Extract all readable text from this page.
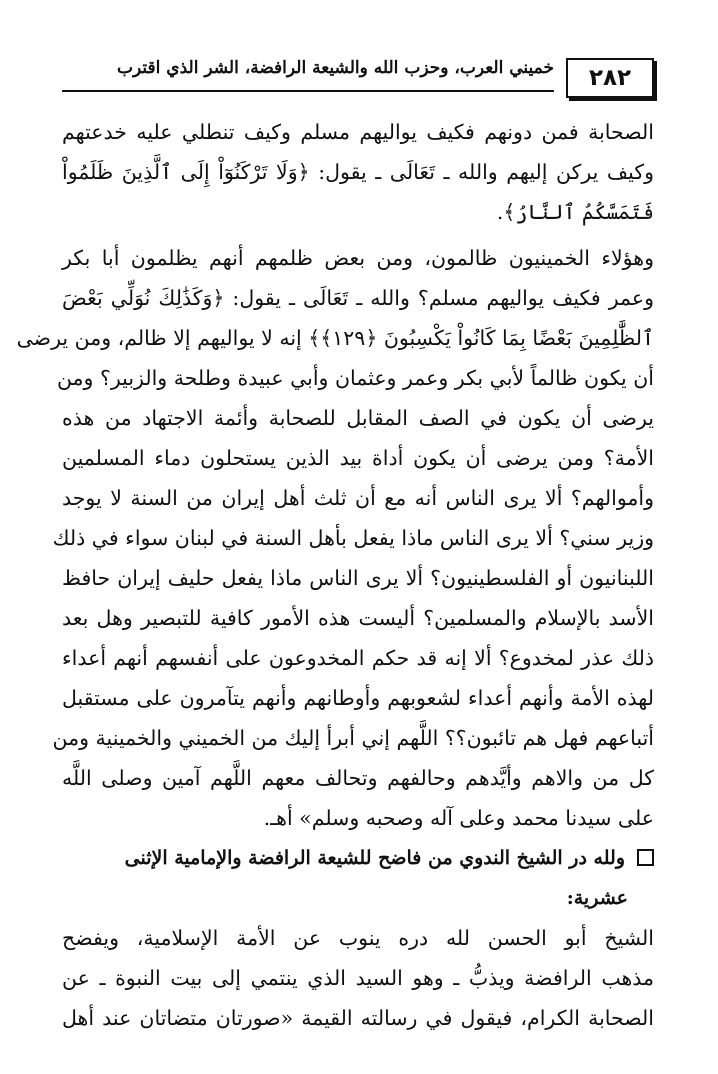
٢٨٢
خميني العرب، وحزب الله والشيعة الرافضة، الشر الذي اقترب
الصحابة فمن دونهم فكيف يواليهم مسلم وكيف تنطلي عليه خدعتهم
وكيف يركن إليهم والله ـ تَعَالَى ـ يقول: ﴿وَلَا تَرْكَنُوٓاْ إِلَى ٱلَّذِينَ ظَلَمُواْ
فَتَمَسَّكُمُ ٱلنَّارُ﴾.
وهؤلاء الخمينيون ظالمون، ومن بعض ظلمهم أنهم يظلمون أبا بكر
وعمر فكيف يواليهم مسلم؟ والله ـ تَعَالَى ـ يقول: ﴿وَكَذَٰلِكَ نُوَلِّي بَعْضَ
ٱلظَّٰلِمِينَ بَعْضًا بِمَا كَانُواْ يَكْسِبُونَ ﴿١٢٩﴾﴾ إنه لا يواليهم إلا ظالم، ومن يرضى
أن يكون ظالماً لأبي بكر وعمر وعثمان وأبي عبيدة وطلحة والزبير؟ ومن
يرضى أن يكون في الصف المقابل للصحابة وأئمة الاجتهاد من هذه
الأمة؟ ومن يرضى أن يكون أداة بيد الذين يستحلون دماء المسلمين
وأموالهم؟ ألا يرى الناس أنه مع أن ثلث أهل إيران من السنة لا يوجد
وزير سني؟ ألا يرى الناس ماذا يفعل بأهل السنة في لبنان سواء في ذلك
اللبنانيون أو الفلسطينيون؟ ألا يرى الناس ماذا يفعل حليف إيران حافظ
الأسد بالإسلام والمسلمين؟ أليست هذه الأمور كافية للتبصير وهل بعد
ذلك عذر لمخدوع؟ ألا إنه قد حكم المخدوعون على أنفسهم أنهم أعداء
لهذه الأمة وأنهم أعداء لشعوبهم وأوطانهم وأنهم يتآمرون على مستقبل
أتباعهم فهل هم تائبون؟؟ اللَّهم إني أبرأ إليك من الخميني والخمينية ومن
كل من والاهم وأيَّدهم وحالفهم وتحالف معهم اللَّهم آمين وصلى اللَّه
على سيدنا محمد وعلى آله وصحبه وسلم» أهـ.
ولله در الشيخ الندوي من فاضح للشيعة الرافضة والإمامية الإثنى
عشرية:
الشيخ أبو الحسن لله دره ينوب عن الأمة الإسلامية، ويفضح
مذهب الرافضة ويذبُّ ـ وهو السيد الذي ينتمي إلى بيت النبوة ـ عن
الصحابة الكرام، فيقول في رسالته القيمة «صورتان متضاتان عند أهل
